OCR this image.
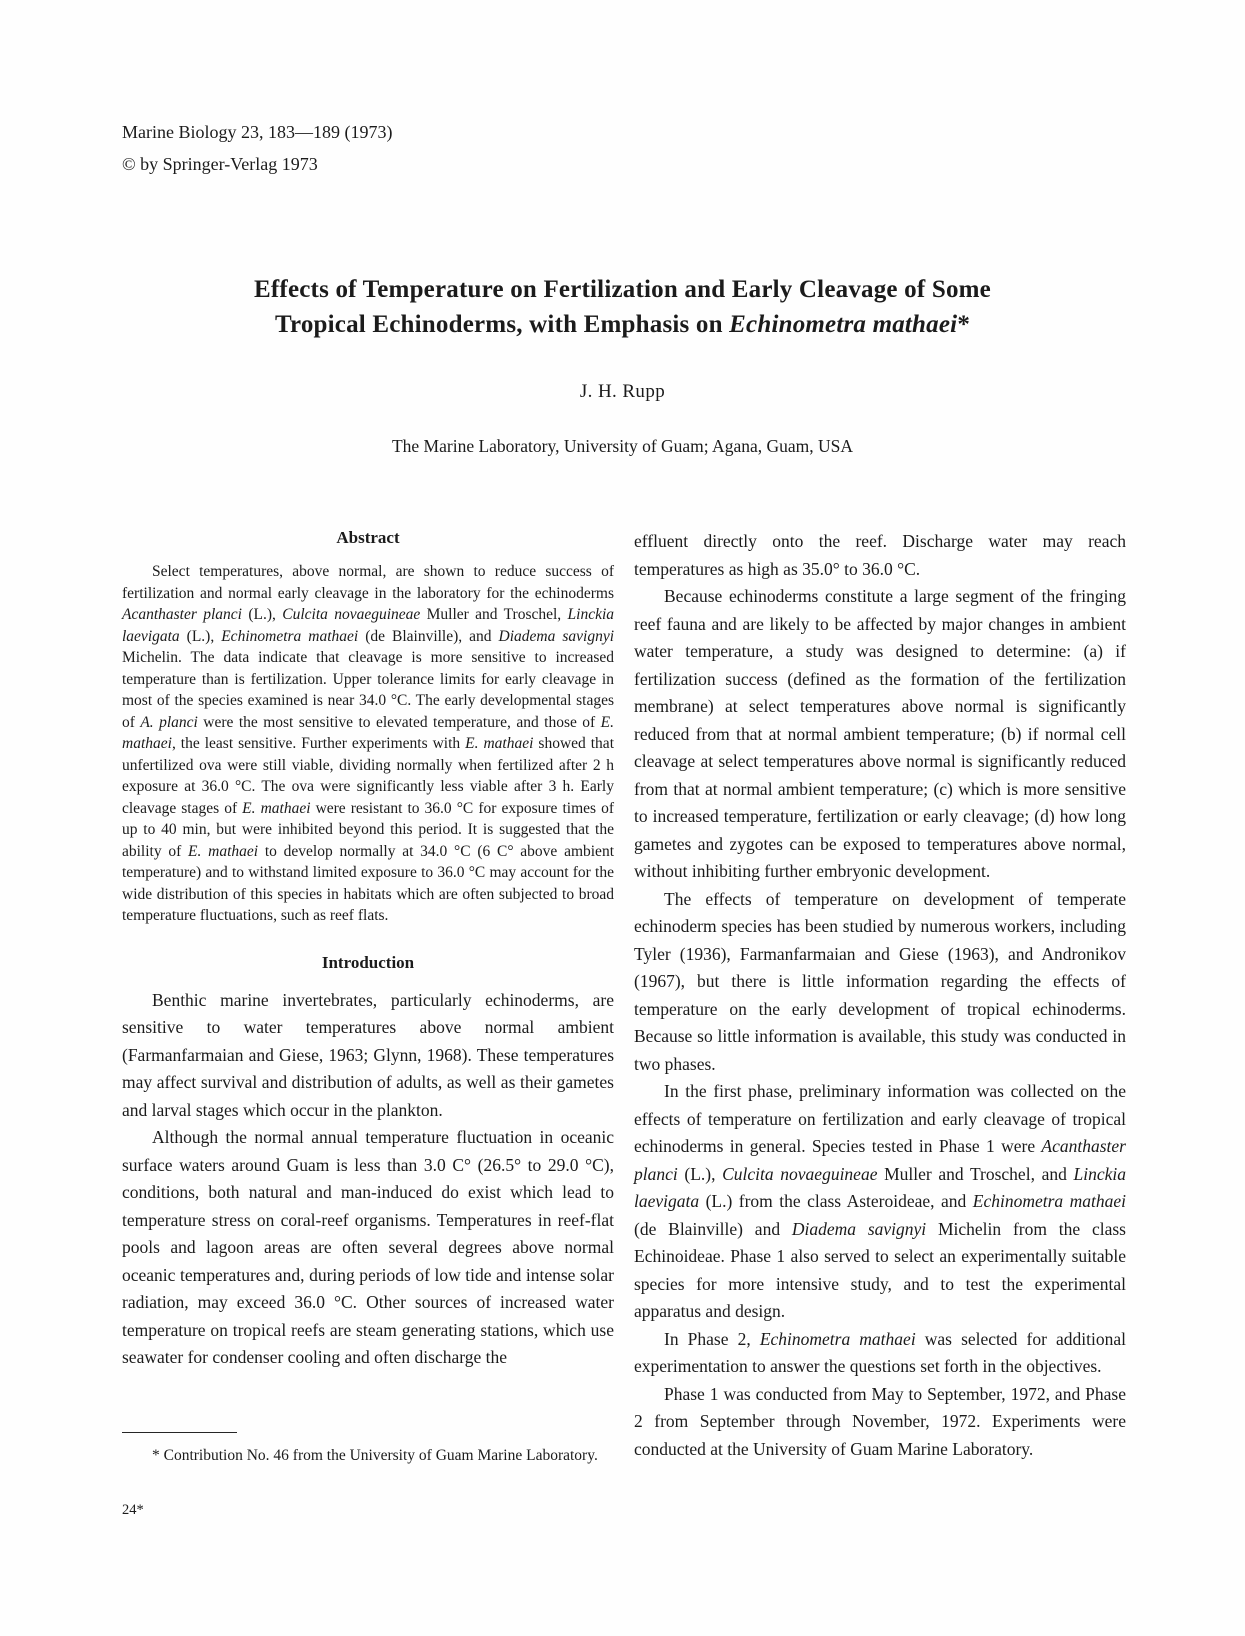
Marine Biology 23, 183—189 (1973)
© by Springer-Verlag 1973
Effects of Temperature on Fertilization and Early Cleavage of Some
Tropical Echinoderms, with Emphasis on Echinometra mathaei*
J. H. Rupp
The Marine Laboratory, University of Guam; Agana, Guam, USA
Abstract

Select temperatures, above normal, are shown to reduce success of fertilization and normal early cleavage in the laboratory for the echinoderms Acanthaster planci (L.), Culcita novaeguineae Muller and Troschel, Linckia laevigata (L.), Echinometra mathaei (de Blainville), and Diadema savignyi Michelin. The data indicate that cleavage is more sensitive to increased temperature than is fertilization. Upper tolerance limits for early cleavage in most of the species examined is near 34.0 °C. The early developmental stages of A. planci were the most sensitive to elevated temperature, and those of E. mathaei, the least sensitive. Further experiments with E. mathaei showed that unfertilized ova were still viable, dividing normally when fertilized after 2 h exposure at 36.0 °C. The ova were significantly less viable after 3 h. Early cleavage stages of E. mathaei were resistant to 36.0 °C for exposure times of up to 40 min, but were inhibited beyond this period. It is suggested that the ability of E. mathaei to develop normally at 34.0 °C (6 C° above ambient temperature) and to withstand limited exposure to 36.0 °C may account for the wide distribution of this species in habitats which are often subjected to broad temperature fluctuations, such as reef flats.

Introduction

Benthic marine invertebrates, particularly echinoderms, are sensitive to water temperatures above normal ambient (Farmanfarmaian and Giese, 1963; Glynn, 1968). These temperatures may affect survival and distribution of adults, as well as their gametes and larval stages which occur in the plankton.

Although the normal annual temperature fluctuation in oceanic surface waters around Guam is less than 3.0 C° (26.5° to 29.0 °C), conditions, both natural and man-induced do exist which lead to temperature stress on coral-reef organisms. Temperatures in reef-flat pools and lagoon areas are often several degrees above normal oceanic temperatures and, during periods of low tide and intense solar radiation, may exceed 36.0 °C. Other sources of increased water temperature on tropical reefs are steam generating stations, which use seawater for condenser cooling and often discharge the

effluent directly onto the reef. Discharge water may reach temperatures as high as 35.0° to 36.0 °C.

Because echinoderms constitute a large segment of the fringing reef fauna and are likely to be affected by major changes in ambient water temperature, a study was designed to determine: (a) if fertilization success (defined as the formation of the fertilization membrane) at select temperatures above normal is significantly reduced from that at normal ambient temperature; (b) if normal cell cleavage at select temperatures above normal is significantly reduced from that at normal ambient temperature; (c) which is more sensitive to increased temperature, fertilization or early cleavage; (d) how long gametes and zygotes can be exposed to temperatures above normal, without inhibiting further embryonic development.

The effects of temperature on development of temperate echinoderm species has been studied by numerous workers, including Tyler (1936), Farmanfarmaian and Giese (1963), and Andronikov (1967), but there is little information regarding the effects of temperature on the early development of tropical echinoderms. Because so little information is available, this study was conducted in two phases.

In the first phase, preliminary information was collected on the effects of temperature on fertilization and early cleavage of tropical echinoderms in general. Species tested in Phase 1 were Acanthaster planci (L.), Culcita novaeguineae Muller and Troschel, and Linckia laevigata (L.) from the class Asteroideae, and Echinometra mathaei (de Blainville) and Diadema savignyi Michelin from the class Echinoideae. Phase 1 also served to select an experimentally suitable species for more intensive study, and to test the experimental apparatus and design.

In Phase 2, Echinometra mathaei was selected for additional experimentation to answer the questions set forth in the objectives.

Phase 1 was conducted from May to September, 1972, and Phase 2 from September through November, 1972. Experiments were conducted at the University of Guam Marine Laboratory.

* Contribution No. 46 from the University of Guam Marine Laboratory.

24*
